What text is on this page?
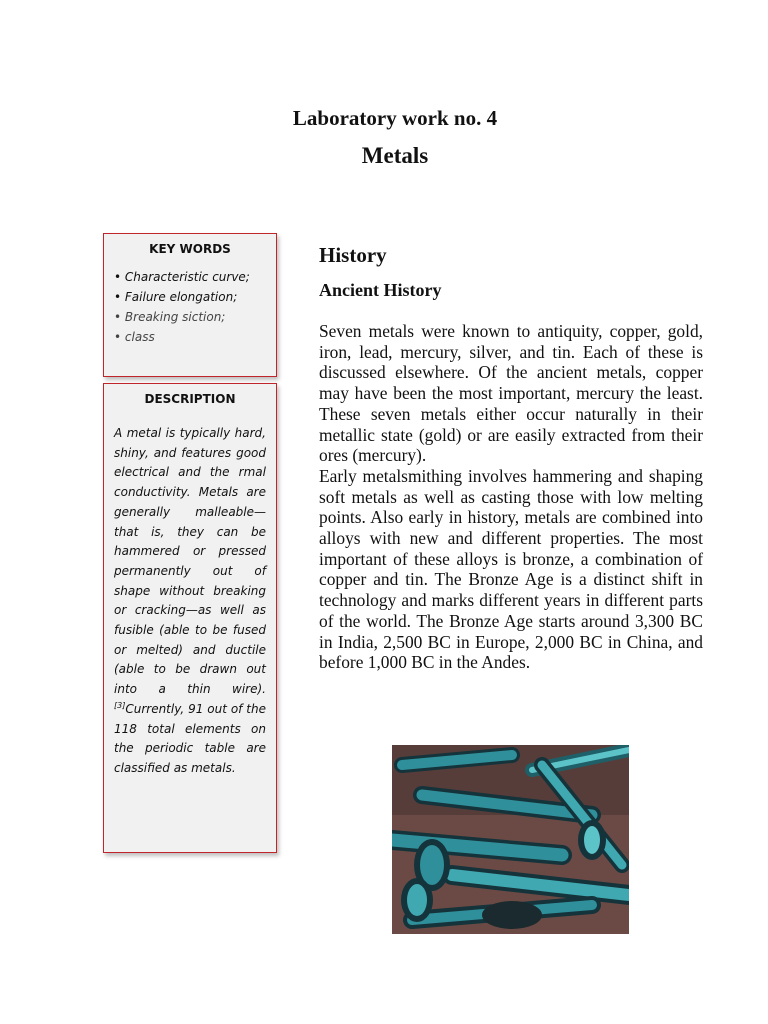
Laboratory work no. 4
Metals
KEY WORDS
• Characteristic curve;
• Failure elongation;
• Breaking siction;
• class
DESCRIPTION

A metal is typically hard, shiny, and features good electrical and the rmal conductivity. Metals are generally malleable—that is, they can be hammered or pressed permanently out of shape without breaking or cracking—as well as fusible (able to be fused or melted) and ductile (able to be drawn out into a thin wire).[3]Currently, 91 out of the 118 total elements on the periodic table are classified as metals.

History
Ancient History

Seven metals were known to antiquity, copper, gold, iron, lead, mercury, silver, and tin. Each of these is discussed elsewhere. Of the ancient metals, copper may have been the most important, mercury the least. These seven metals either occur naturally in their metallic state (gold) or are easily extracted from their ores (mercury).

Early metalsmithing involves hammering and shaping soft metals as well as casting those with low melting points. Also early in history, metals are combined into alloys with new and different properties. The most important of these alloys is bronze, a combination of copper and tin. The Bronze Age is a distinct shift in technology and marks different years in different parts of the world. The Bronze Age starts around 3,300 BC in India, 2,500 BC in Europe, 2,000 BC in China, and before 1,000 BC in the Andes.
